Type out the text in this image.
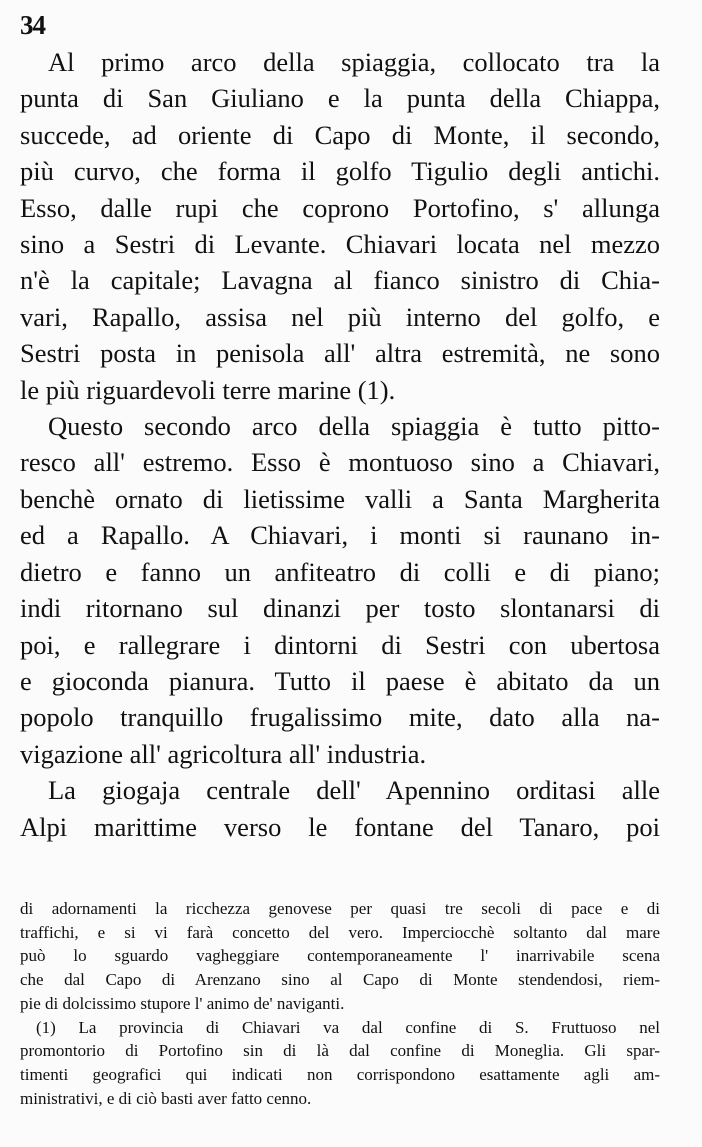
34
Al primo arco della spiaggia, collocato tra la
punta di San Giuliano e la punta della Chiappa,
succede, ad oriente di Capo di Monte, il secondo,
più curvo, che forma il golfo Tigulio degli antichi.
Esso, dalle rupi che coprono Portofino, s' allunga
sino a Sestri di Levante. Chiavari locata nel mezzo
n'è la capitale; Lavagna al fianco sinistro di Chia-
vari, Rapallo, assisa nel più interno del golfo, e
Sestri posta in penisola all' altra estremità, ne sono
le più riguardevoli terre marine (1).
Questo secondo arco della spiaggia è tutto pitto-
resco all' estremo. Esso è montuoso sino a Chiavari,
benchè ornato di lietissime valli a Santa Margherita
ed a Rapallo. A Chiavari, i monti si raunano in-
dietro e fanno un anfiteatro di colli e di piano;
indi ritornano sul dinanzi per tosto slontanarsi di
poi, e rallegrare i dintorni di Sestri con ubertosa
e gioconda pianura. Tutto il paese è abitato da un
popolo tranquillo frugalissimo mite, dato alla na-
vigazione all' agricoltura all' industria.
La giogaja centrale dell' Apennino orditasi alle
Alpi marittime verso le fontane del Tanaro, poi
di adornamenti la ricchezza genovese per quasi tre secoli di pace e di
traffichi, e si vi farà concetto del vero. Imperciocchè soltanto dal mare
può lo sguardo vagheggiare contemporaneamente l' inarrivabile scena
che dal Capo di Arenzano sino al Capo di Monte stendendosi, riem-
pie di dolcissimo stupore l' animo de' naviganti.
(1) La provincia di Chiavari va dal confine di S. Fruttuoso nel
promontorio di Portofino sin di là dal confine di Moneglia. Gli spar-
timenti geografici qui indicati non corrispondono esattamente agli am-
ministrativi, e di ciò basti aver fatto cenno.
